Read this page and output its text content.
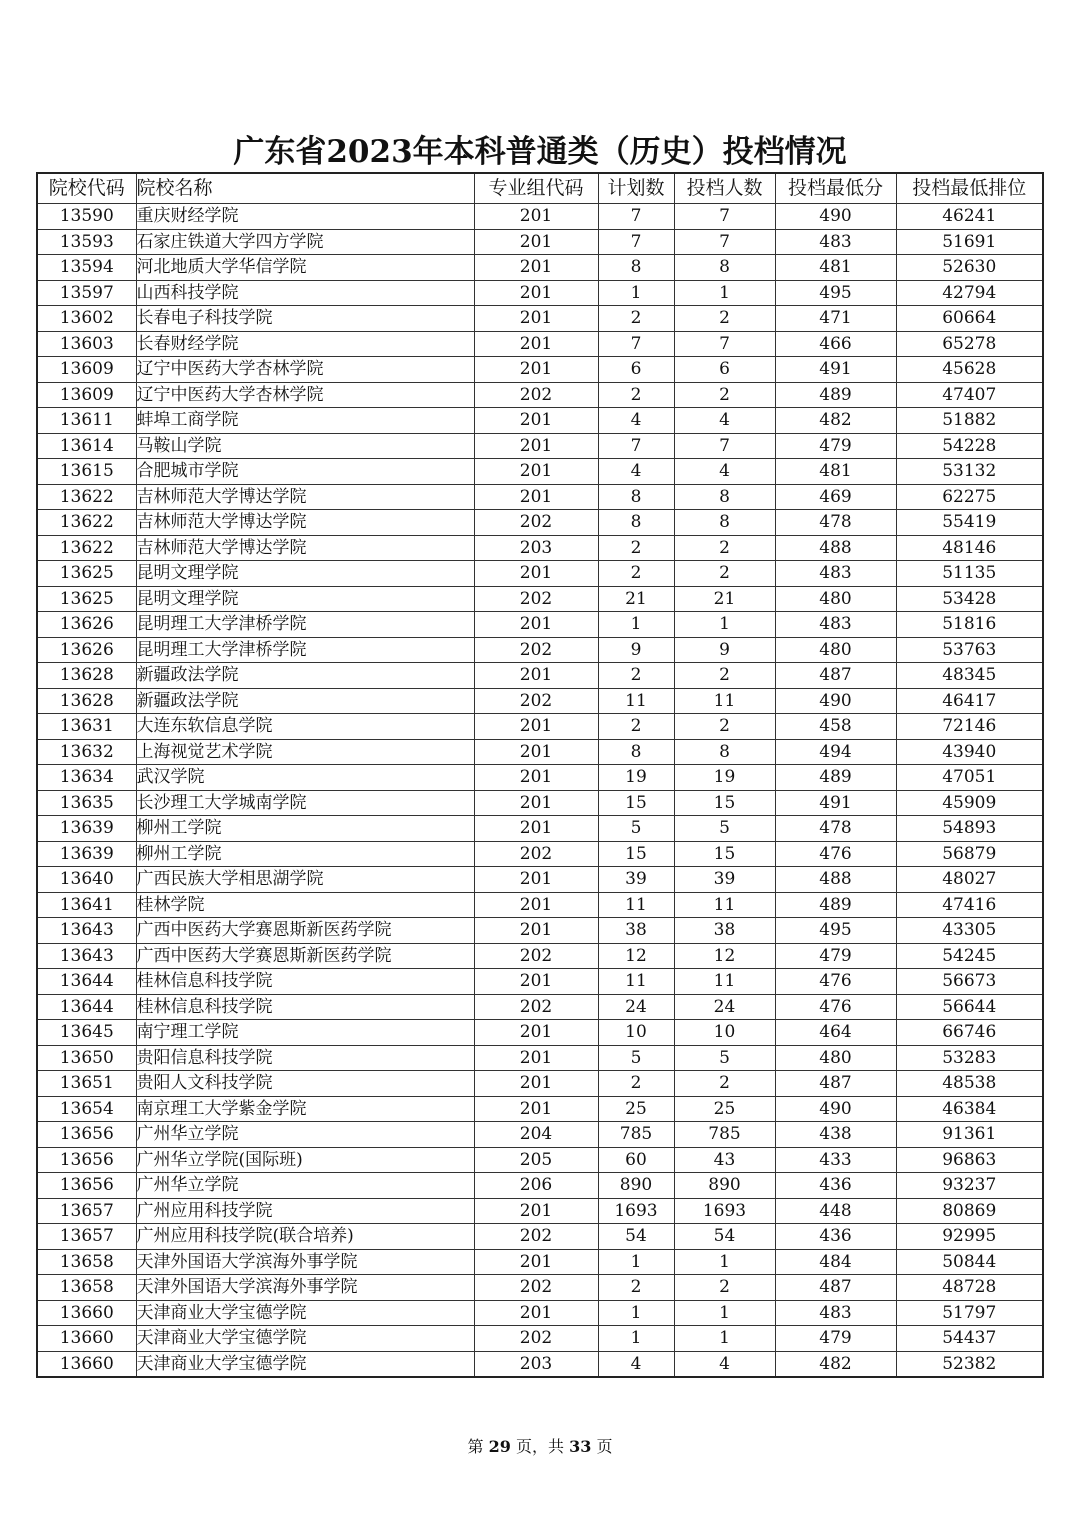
广东省2023年本科普通类（历史）投档情况
院校代码	院校名称	专业组代码	计划数	投档人数	投档最低分	投档最低排位
13590	重庆财经学院	201	7	7	490	46241
13593	石家庄铁道大学四方学院	201	7	7	483	51691
13594	河北地质大学华信学院	201	8	8	481	52630
13597	山西科技学院	201	1	1	495	42794
13602	长春电子科技学院	201	2	2	471	60664
13603	长春财经学院	201	7	7	466	65278
13609	辽宁中医药大学杏林学院	201	6	6	491	45628
13609	辽宁中医药大学杏林学院	202	2	2	489	47407
13611	蚌埠工商学院	201	4	4	482	51882
13614	马鞍山学院	201	7	7	479	54228
13615	合肥城市学院	201	4	4	481	53132
13622	吉林师范大学博达学院	201	8	8	469	62275
13622	吉林师范大学博达学院	202	8	8	478	55419
13622	吉林师范大学博达学院	203	2	2	488	48146
13625	昆明文理学院	201	2	2	483	51135
13625	昆明文理学院	202	21	21	480	53428
13626	昆明理工大学津桥学院	201	1	1	483	51816
13626	昆明理工大学津桥学院	202	9	9	480	53763
13628	新疆政法学院	201	2	2	487	48345
13628	新疆政法学院	202	11	11	490	46417
13631	大连东软信息学院	201	2	2	458	72146
13632	上海视觉艺术学院	201	8	8	494	43940
13634	武汉学院	201	19	19	489	47051
13635	长沙理工大学城南学院	201	15	15	491	45909
13639	柳州工学院	201	5	5	478	54893
13639	柳州工学院	202	15	15	476	56879
13640	广西民族大学相思湖学院	201	39	39	488	48027
13641	桂林学院	201	11	11	489	47416
13643	广西中医药大学赛恩斯新医药学院	201	38	38	495	43305
13643	广西中医药大学赛恩斯新医药学院	202	12	12	479	54245
13644	桂林信息科技学院	201	11	11	476	56673
13644	桂林信息科技学院	202	24	24	476	56644
13645	南宁理工学院	201	10	10	464	66746
13650	贵阳信息科技学院	201	5	5	480	53283
13651	贵阳人文科技学院	201	2	2	487	48538
13654	南京理工大学紫金学院	201	25	25	490	46384
13656	广州华立学院	204	785	785	438	91361
13656	广州华立学院(国际班)	205	60	43	433	96863
13656	广州华立学院	206	890	890	436	93237
13657	广州应用科技学院	201	1693	1693	448	80869
13657	广州应用科技学院(联合培养)	202	54	54	436	92995
13658	天津外国语大学滨海外事学院	201	1	1	484	50844
13658	天津外国语大学滨海外事学院	202	2	2	487	48728
13660	天津商业大学宝德学院	201	1	1	483	51797
13660	天津商业大学宝德学院	202	1	1	479	54437
13660	天津商业大学宝德学院	203	4	4	482	52382
第 29 页，共 33 页
